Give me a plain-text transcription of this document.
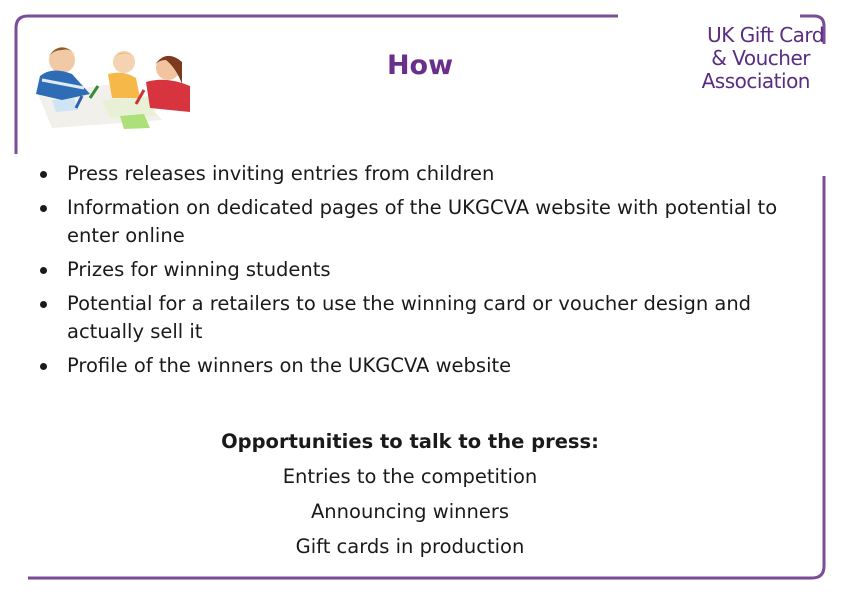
How
UK Gift Card
& Voucher
Association
Press releases inviting entries from children
Information on dedicated pages of the UKGCVA website with potential to enter online
Prizes for winning students
Potential for a retailers to use the winning card or voucher design and actually sell it
Profile of the winners on the UKGCVA website
Opportunities to talk to the press:
Entries to the competition
Announcing winners
Gift cards in production
